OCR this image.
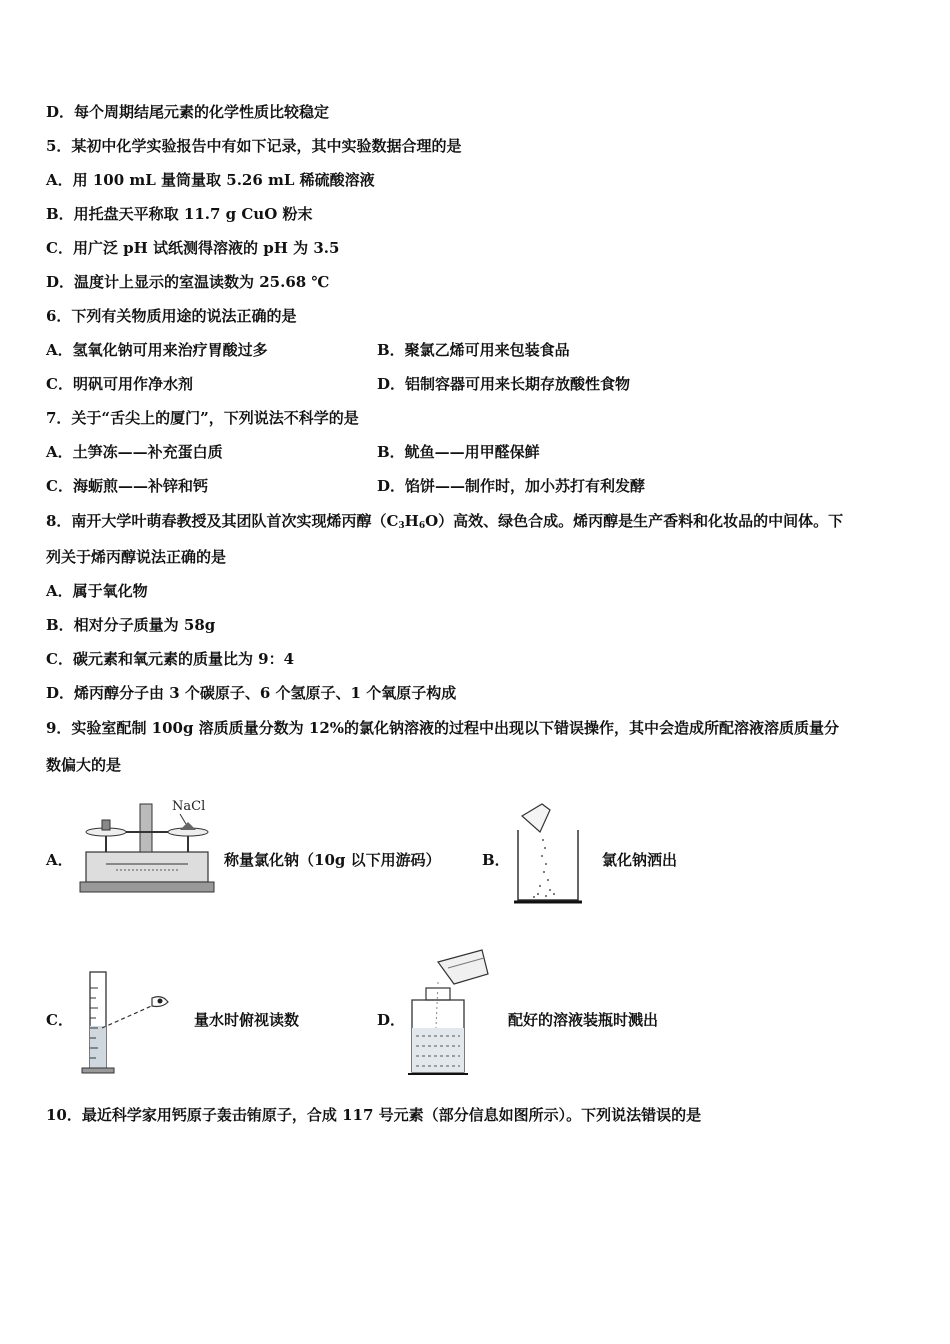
D．每个周期结尾元素的化学性质比较稳定
5．某初中化学实验报告中有如下记录，其中实验数据合理的是
A．用 100 mL 量筒量取 5.26 mL 稀硫酸溶液
B．用托盘天平称取 11.7 g CuO 粉末
C．用广泛 pH 试纸测得溶液的 pH 为 3.5
D．温度计上显示的室温读数为 25.68 ℃
6．下列有关物质用途的说法正确的是
A．氢氧化钠可用来治疗胃酸过多	B．聚氯乙烯可用来包装食品
C．明矾可用作净水剂	D．铝制容器可用来长期存放酸性食物
7．关于“舌尖上的厦门”，下列说法不科学的是
A．土笋冻——补充蛋白质	B．鱿鱼——用甲醛保鲜
C．海蛎煎——补锌和钙	D．馅饼——制作时，加小苏打有利发酵
8．南开大学叶萌春教授及其团队首次实现烯丙醇$(C_3H_6O)$高效、绿色合成。烯丙醇是生产香料和化妆品的中间体。下
列关于烯丙醇说法正确的是
A．属于氧化物
B．相对分子质量为 58g
C．碳元素和氧元素的质量比为 9：4
D．烯丙醇分子由 3 个碳原子、6 个氢原子、1 个氧原子构成
9．实验室配制 100g 溶质质量分数为 12%的氯化钠溶液的过程中出现以下错误操作，其中会造成所配溶液溶质质量分
数偏大的是
A．
NaCl
称量氯化钠（10g 以下用游码）	B．	氯化钠洒出
C．	量水时俯视读数	D．	配好的溶液装瓶时溅出
10．最近科学家用钙原子轰击铕原子，合成 117 号元素（部分信息如图所示）。下列说法错误的是
